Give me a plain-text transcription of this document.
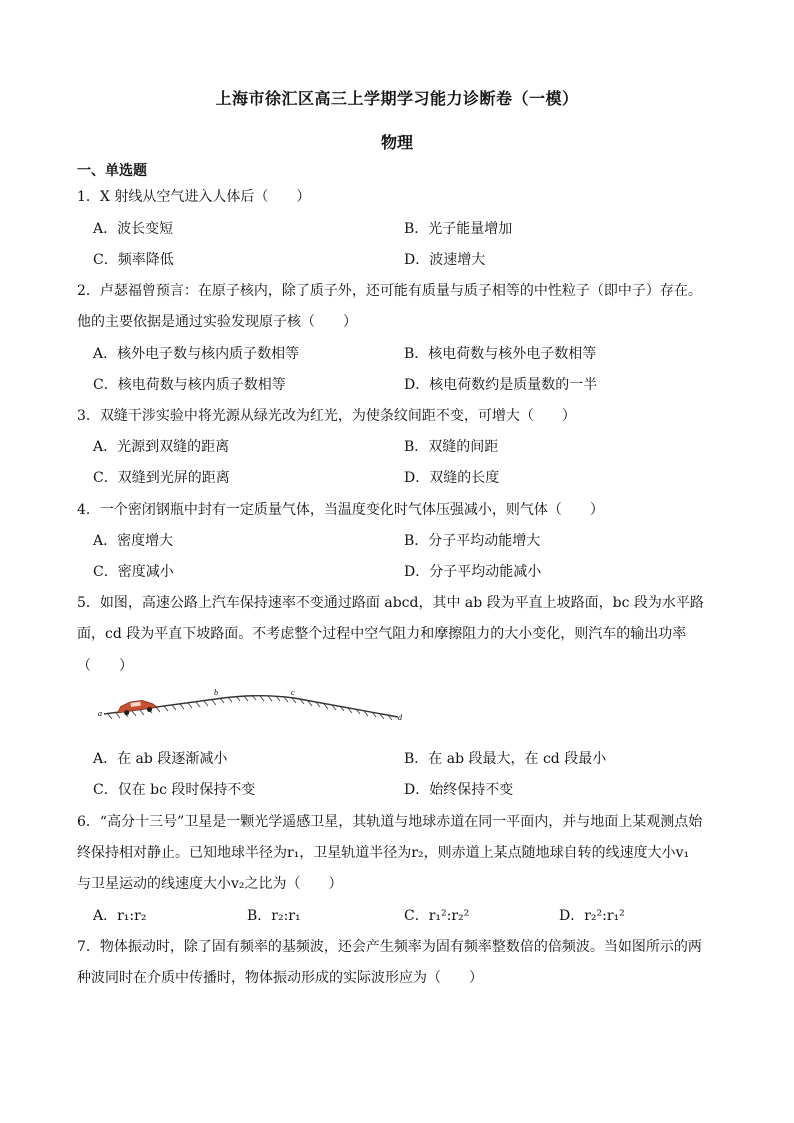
上海市徐汇区高三上学期学习能力诊断卷（一模）
物理
一、单选题
1．X 射线从空气进入人体后（　　）
A．波长变短	B．光子能量增加
C．频率降低	D．波速增大
2．卢瑟福曾预言：在原子核内，除了质子外，还可能有质量与质子相等的中性粒子（即中子）存在。
他的主要依据是通过实验发现原子核（　　）
A．核外电子数与核内质子数相等	B．核电荷数与核外电子数相等
C．核电荷数与核内质子数相等	D．核电荷数约是质量数的一半
3．双缝干涉实验中将光源从绿光改为红光，为使条纹间距不变，可增大（　　）
A．光源到双缝的距离	B．双缝的间距
C．双缝到光屏的距离	D．双缝的长度
4．一个密闭钢瓶中封有一定质量气体，当温度变化时气体压强减小，则气体（　　）
A．密度增大	B．分子平均动能增大
C．密度减小	D．分子平均动能减小
5．如图，高速公路上汽车保持速率不变通过路面 abcd，其中 ab 段为平直上坡路面，bc 段为水平路
面，cd 段为平直下坡路面。不考虑整个过程中空气阻力和摩擦阻力的大小变化，则汽车的输出功率
（　　）
a
b	c
d
A．在 ab 段逐渐减小	B．在 ab 段最大，在 cd 段最小
C．仅在 bc 段时保持不变	D．始终保持不变
6．“高分十三号”卫星是一颗光学遥感卫星，其轨道与地球赤道在同一平面内，并与地面上某观测点始
终保持相对静止。已知地球半径为r₁，卫星轨道半径为r₂，则赤道上某点随地球自转的线速度大小v₁
与卫星运动的线速度大小v₂之比为（　　）
A．r₁:r₂	B．r₂:r₁	C．r₁²:r₂²	D．r₂²:r₁²
7．物体振动时，除了固有频率的基频波，还会产生频率为固有频率整数倍的倍频波。当如图所示的两
种波同时在介质中传播时，物体振动形成的实际波形应为（　　）
